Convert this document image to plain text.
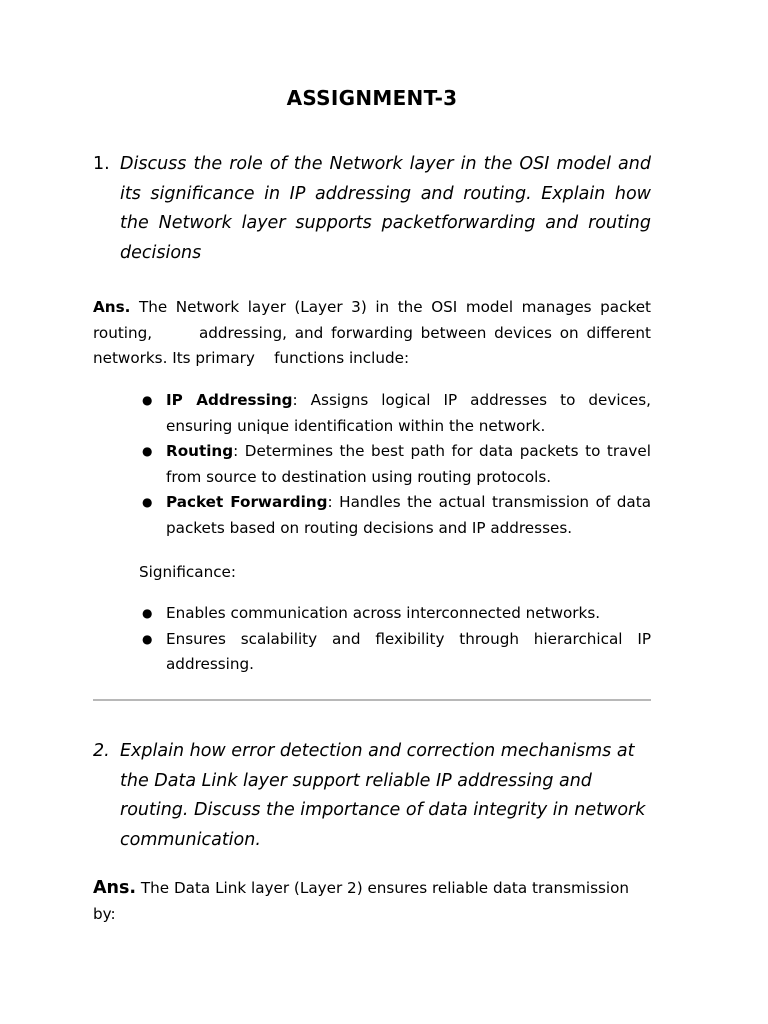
ASSIGNMENT-3
1. Discuss the role of the Network layer in the OSI model and its significance in IP addressing and routing. Explain how the Network layer supports packetforwarding and routing decisions
Ans. The Network layer (Layer 3) in the OSI model manages packet routing,      addressing, and forwarding between devices on different networks. Its primary    functions include:
● IP Addressing: Assigns logical IP addresses to devices, ensuring unique identification within the network.
● Routing: Determines the best path for data packets to travel from source to destination using routing protocols.
● Packet Forwarding: Handles the actual transmission of data packets based on routing decisions and IP addresses.
Significance:
● Enables communication across interconnected networks.
● Ensures scalability and flexibility through hierarchical IP addressing.
2. Explain how error detection and correction mechanisms at the Data Link layer support reliable IP addressing and routing. Discuss the importance of data integrity in network communication.
Ans. The Data Link layer (Layer 2) ensures reliable data transmission by:
